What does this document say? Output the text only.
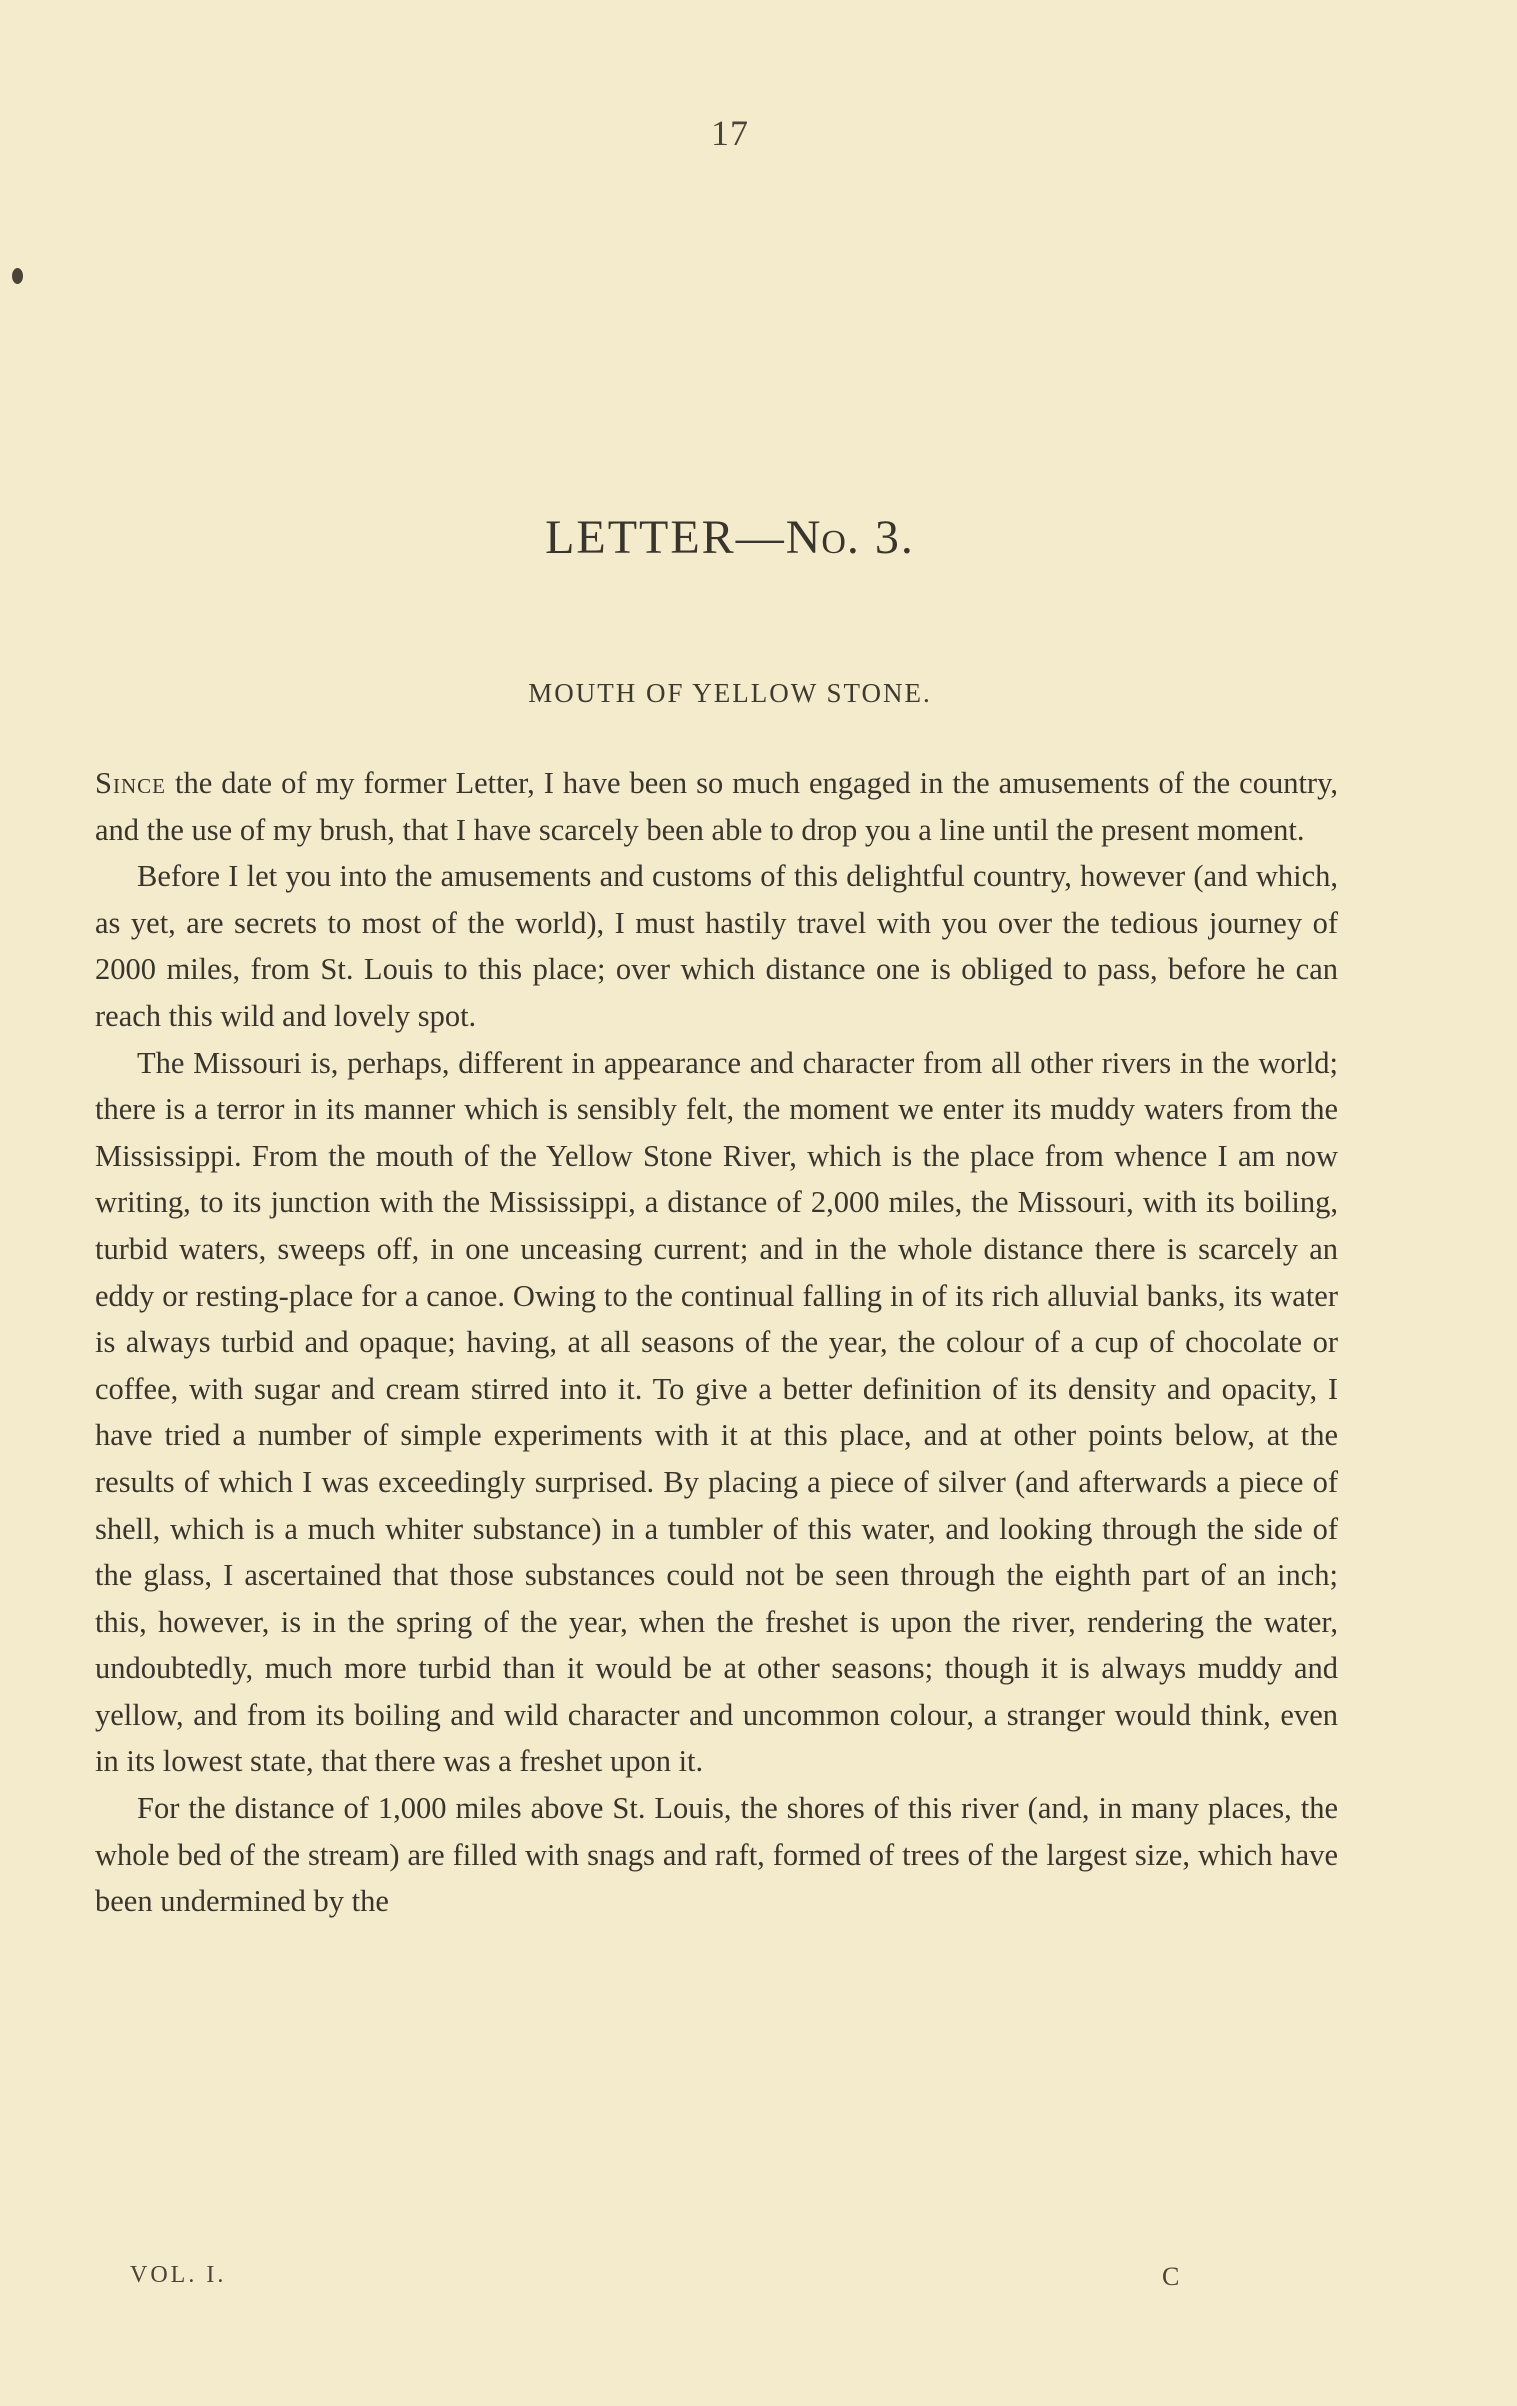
17
LETTER—No. 3.
MOUTH OF YELLOW STONE.

Since the date of my former Letter, I have been so much engaged in the amusements of the country, and the use of my brush, that I have scarcely been able to drop you a line until the present moment.

Before I let you into the amusements and customs of this delightful country, however (and which, as yet, are secrets to most of the world), I must hastily travel with you over the tedious journey of 2000 miles, from St. Louis to this place; over which distance one is obliged to pass, before he can reach this wild and lovely spot.

The Missouri is, perhaps, different in appearance and character from all other rivers in the world; there is a terror in its manner which is sensibly felt, the moment we enter its muddy waters from the Mississippi. From the mouth of the Yellow Stone River, which is the place from whence I am now writing, to its junction with the Mississippi, a distance of 2,000 miles, the Missouri, with its boiling, turbid waters, sweeps off, in one unceasing current; and in the whole distance there is scarcely an eddy or resting-place for a canoe. Owing to the continual falling in of its rich alluvial banks, its water is always turbid and opaque; having, at all seasons of the year, the colour of a cup of chocolate or coffee, with sugar and cream stirred into it. To give a better definition of its density and opacity, I have tried a number of simple experiments with it at this place, and at other points below, at the results of which I was exceedingly surprised. By placing a piece of silver (and afterwards a piece of shell, which is a much whiter substance) in a tumbler of this water, and looking through the side of the glass, I ascertained that those substances could not be seen through the eighth part of an inch; this, however, is in the spring of the year, when the freshet is upon the river, rendering the water, undoubtedly, much more turbid than it would be at other seasons; though it is always muddy and yellow, and from its boiling and wild character and uncommon colour, a stranger would think, even in its lowest state, that there was a freshet upon it.

For the distance of 1,000 miles above St. Louis, the shores of this river (and, in many places, the whole bed of the stream) are filled with snags and raft, formed of trees of the largest size, which have been undermined by the

VOL. I.	C
